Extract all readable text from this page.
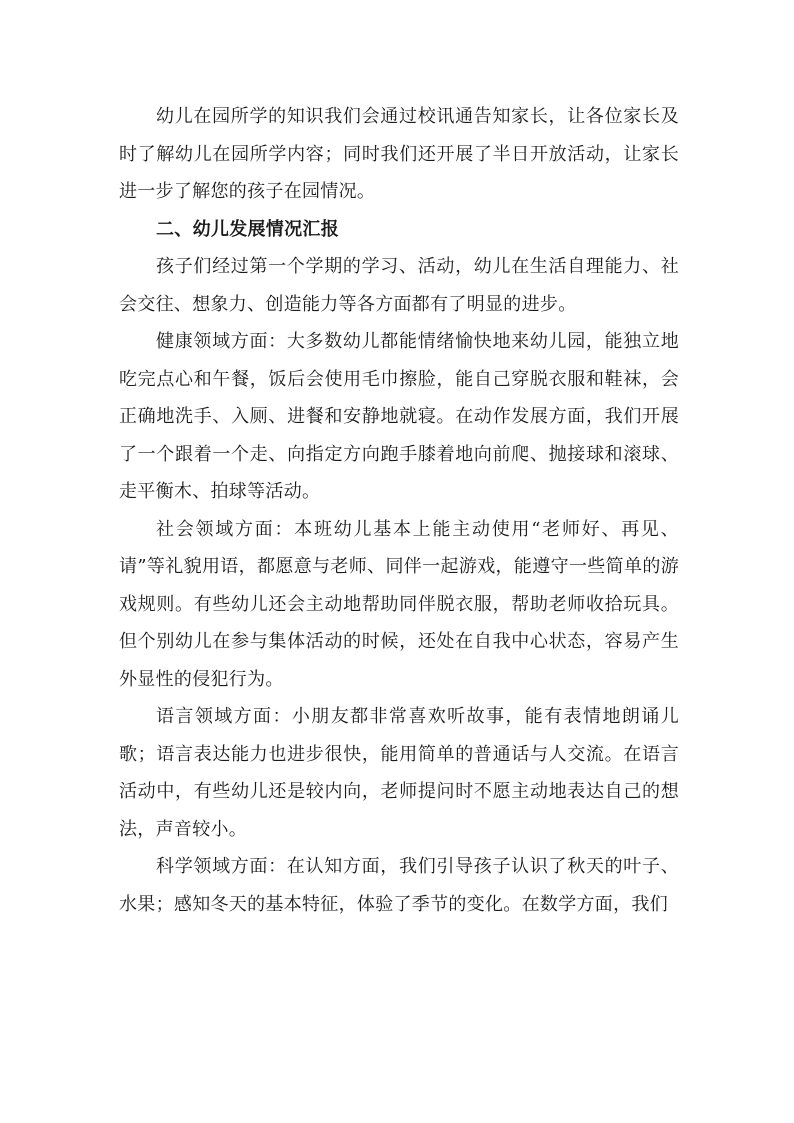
幼儿在园所学的知识我们会通过校讯通告知家长，让各位家长及时了解幼儿在园所学内容；同时我们还开展了半日开放活动，让家长进一步了解您的孩子在园情况。

二、幼儿发展情况汇报

孩子们经过第一个学期的学习、活动，幼儿在生活自理能力、社会交往、想象力、创造能力等各方面都有了明显的进步。

健康领域方面：大多数幼儿都能情绪愉快地来幼儿园，能独立地吃完点心和午餐，饭后会使用毛巾擦脸，能自己穿脱衣服和鞋袜，会正确地洗手、入厕、进餐和安静地就寝。在动作发展方面，我们开展了一个跟着一个走、向指定方向跑手膝着地向前爬、抛接球和滚球、走平衡木、拍球等活动。

社会领域方面：本班幼儿基本上能主动使用“老师好、再见、请”等礼貌用语，都愿意与老师、同伴一起游戏，能遵守一些简单的游戏规则。有些幼儿还会主动地帮助同伴脱衣服，帮助老师收拾玩具。但个别幼儿在参与集体活动的时候，还处在自我中心状态，容易产生外显性的侵犯行为。

语言领域方面：小朋友都非常喜欢听故事，能有表情地朗诵儿歌；语言表达能力也进步很快，能用简单的普通话与人交流。在语言活动中，有些幼儿还是较内向，老师提问时不愿主动地表达自己的想法，声音较小。

科学领域方面：在认知方面，我们引导孩子认识了秋天的叶子、水果；感知冬天的基本特征，体验了季节的变化。在数学方面，我们
